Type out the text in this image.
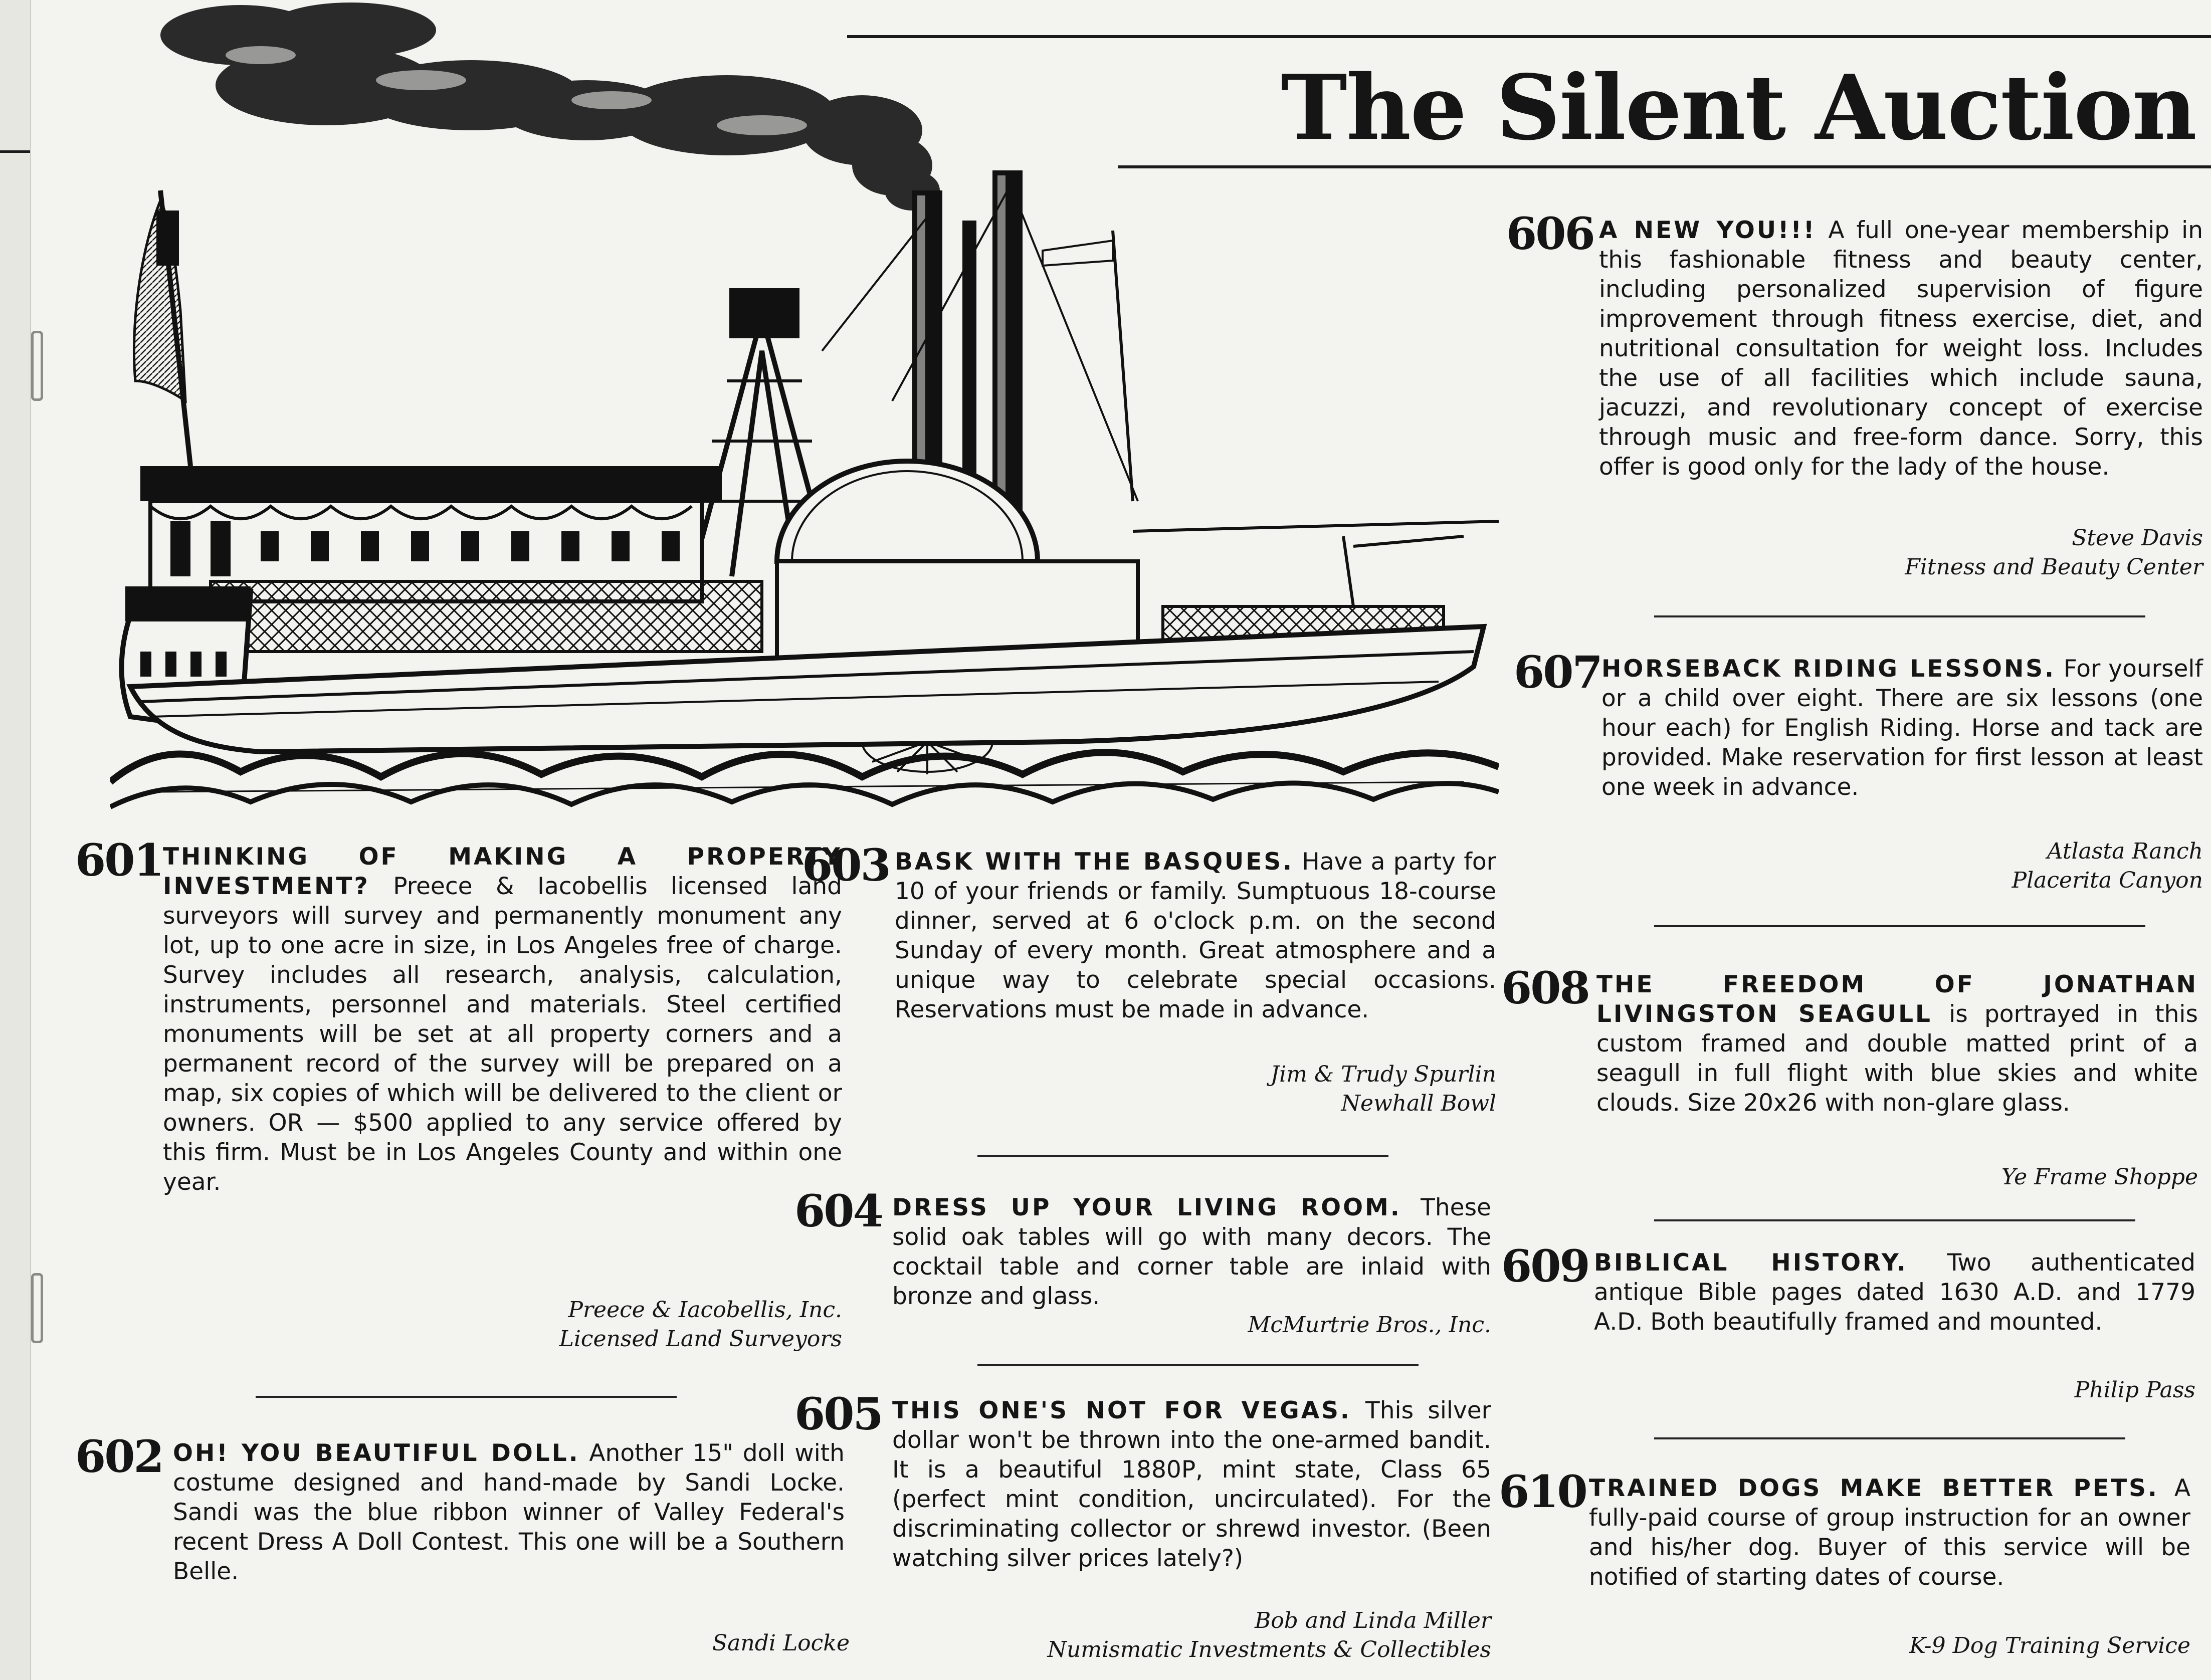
The Silent Auction
601 THINKING OF MAKING A PROPERTY INVESTMENT? Preece & Iacobellis licensed land surveyors will survey and permanently monument any lot, up to one acre in size, in Los Angeles free of charge. Survey includes all research, analysis, calculation, instruments, personnel and materials. Steel certified monuments will be set at all property corners and a permanent record of the survey will be prepared on a map, six copies of which will be delivered to the client or owners. OR — $500 applied to any service offered by this firm. Must be in Los Angeles County and within one year.
Preece & Iacobellis, Inc.
Licensed Land Surveyors
602 OH! YOU BEAUTIFUL DOLL. Another 15" doll with costume designed and hand-made by Sandi Locke. Sandi was the blue ribbon winner of Valley Federal's recent Dress A Doll Contest. This one will be a Southern Belle.
Sandi Locke
603 BASK WITH THE BASQUES. Have a party for 10 of your friends or family. Sumptuous 18-course dinner, served at 6 o'clock p.m. on the second Sunday of every month. Great atmosphere and a unique way to celebrate special occasions. Reservations must be made in advance.
Jim & Trudy Spurlin
Newhall Bowl
604 DRESS UP YOUR LIVING ROOM. These solid oak tables will go with many decors. The cocktail table and corner table are inlaid with bronze and glass.
McMurtrie Bros., Inc.
605 THIS ONE'S NOT FOR VEGAS. This silver dollar won't be thrown into the one-armed bandit. It is a beautiful 1880P, mint state, Class 65 (perfect mint condition, uncirculated). For the discriminating collector or shrewd investor. (Been watching silver prices lately?)
Bob and Linda Miller
Numismatic Investments & Collectibles
606 A NEW YOU!!! A full one-year membership in this fashionable fitness and beauty center, including personalized supervision of figure improvement through fitness exercise, diet, and nutritional consultation for weight loss. Includes the use of all facilities which include sauna, jacuzzi, and revolutionary concept of exercise through music and free-form dance. Sorry, this offer is good only for the lady of the house.
Steve Davis
Fitness and Beauty Center
607 HORSEBACK RIDING LESSONS. For yourself or a child over eight. There are six lessons (one hour each) for English Riding. Horse and tack are provided. Make reservation for first lesson at least one week in advance.
Atlasta Ranch
Placerita Canyon
608 THE FREEDOM OF JONATHAN LIVINGSTON SEAGULL is portrayed in this custom framed and double matted print of a seagull in full flight with blue skies and white clouds. Size 20x26 with non-glare glass.
Ye Frame Shoppe
609 BIBLICAL HISTORY. Two authenticated antique Bible pages dated 1630 A.D. and 1779 A.D. Both beautifully framed and mounted.
Philip Pass
610 TRAINED DOGS MAKE BETTER PETS. A fully-paid course of group instruction for an owner and his/her dog. Buyer of this service will be notified of starting dates of course.
K-9 Dog Training Service
